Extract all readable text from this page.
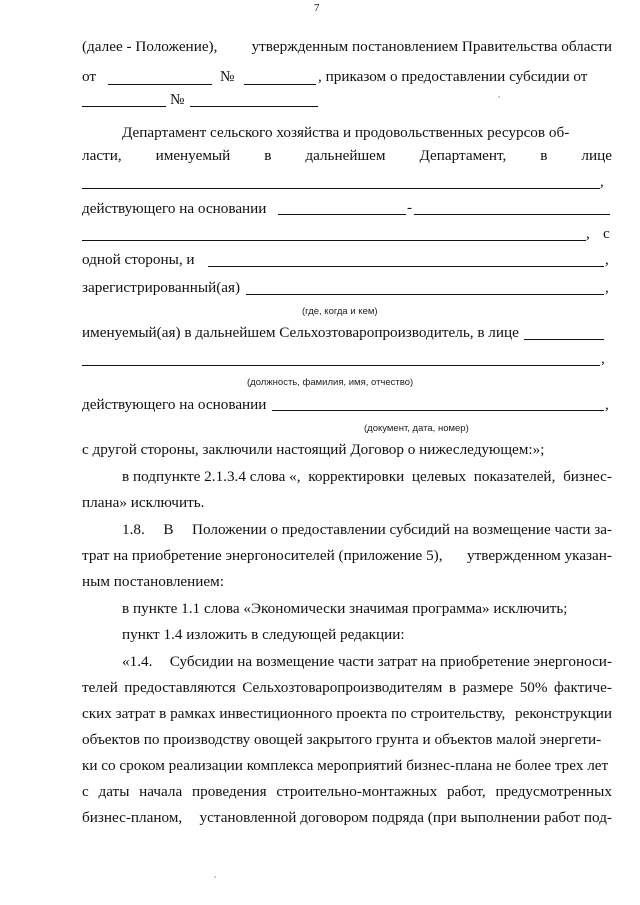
7
(далее - Положение), утвержденным постановлением Правительства области
от	№	, приказом о предоставлении субсидии от
№
Департамент сельского хозяйства и продовольственных ресурсов об-
ласти, именуемый в дальнейшем Департамент, в лице
,
действующего на основании	-
, с
одной стороны, и	,
зарегистрированный(ая)	,
(где, когда и кем)
именуемый(ая) в дальнейшем Сельхозтоваропроизводитель, в лице
,
(должность, фамилия, имя, отчество)
действующего на основании	,
(документ, дата, номер)
с другой стороны, заключили настоящий Договор о нижеследующем:»;
в подпункте 2.1.3.4 слова «, корректировки целевых показателей, бизнес-
плана» исключить.
1.8. В Положении о предоставлении субсидий на возмещение части за-
трат на приобретение энергоносителей (приложение 5), утвержденном указан-
ным постановлением:
в пункте 1.1 слова «Экономически значимая программа» исключить;
пункт 1.4 изложить в следующей редакции:
«1.4. Субсидии на возмещение части затрат на приобретение энергоноси-
телей предоставляются Сельхозтоваропроизводителям в размере 50% фактиче-
ских затрат в рамках инвестиционного проекта по строительству, реконструкции
объектов по производству овощей закрытого грунта и объектов малой энергети-
ки со сроком реализации комплекса мероприятий бизнес-плана не более трех лет
с даты начала проведения строительно-монтажных работ, предусмотренных
бизнес-планом, установленной договором подряда (при выполнении работ под-
